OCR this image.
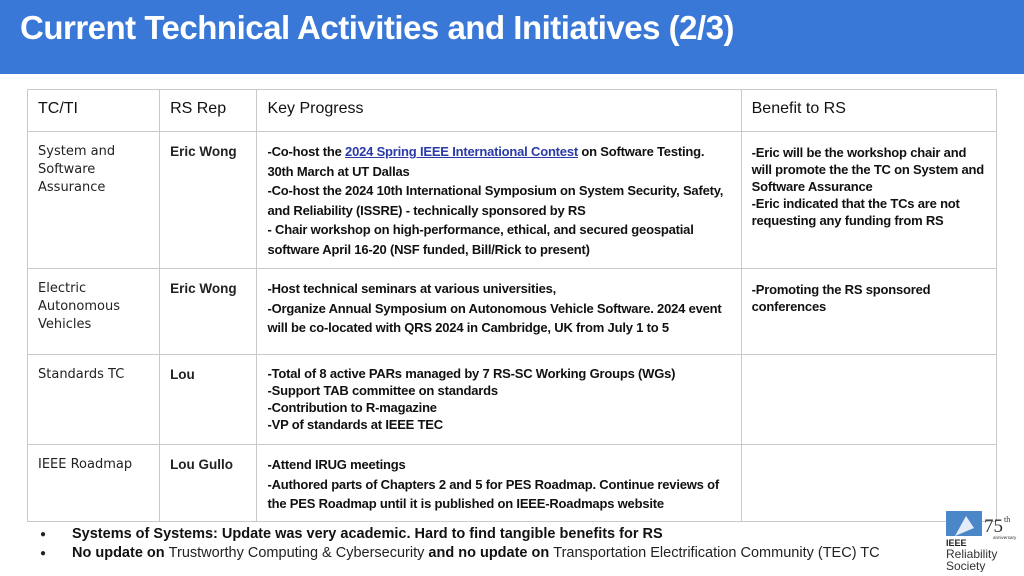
Current Technical Activities and Initiatives (2/3)
TC/TI	RS Rep	Key Progress	Benefit to RS
System and Software Assurance	Eric Wong	-Co-host the 2024 Spring IEEE International Contest on Software Testing. 30th March at UT Dallas
-Co-host the 2024 10th International Symposium on System Security, Safety, and Reliability (ISSRE) - technically sponsored by RS
- Chair workshop on high-performance, ethical, and secured geospatial software April 16-20 (NSF funded, Bill/Rick to present)	-Eric will be the workshop chair and will promote the the TC on System and Software Assurance
-Eric indicated that the TCs are not requesting any funding from RS

Electric Autonomous Vehicles	Eric Wong	-Host technical seminars at various universities,
-Organize Annual Symposium on Autonomous Vehicle Software. 2024 event will be co-located with QRS 2024 in Cambridge, UK from July 1 to 5	-Promoting the RS sponsored conferences

Standards TC	Lou	-Total of 8 active PARs managed by 7 RS-SC Working Groups (WGs)
-Support TAB committee on standards
-Contribution to R-magazine
-VP of standards at IEEE TEC	

IEEE Roadmap	Lou Gullo	-Attend IRUG meetings
-Authored parts of Chapters 2 and 5 for PES Roadmap. Continue reviews of the PES Roadmap until it is published on IEEE-Roadmaps website	

● Systems of Systems: Update was very academic. Hard to find tangible benefits for RS
● No update on Trustworthy Computing & Cybersecurity and no update on Transportation Electrification Community (TEC) TC
75 th
anniversary
IEEE
Reliability
Society
